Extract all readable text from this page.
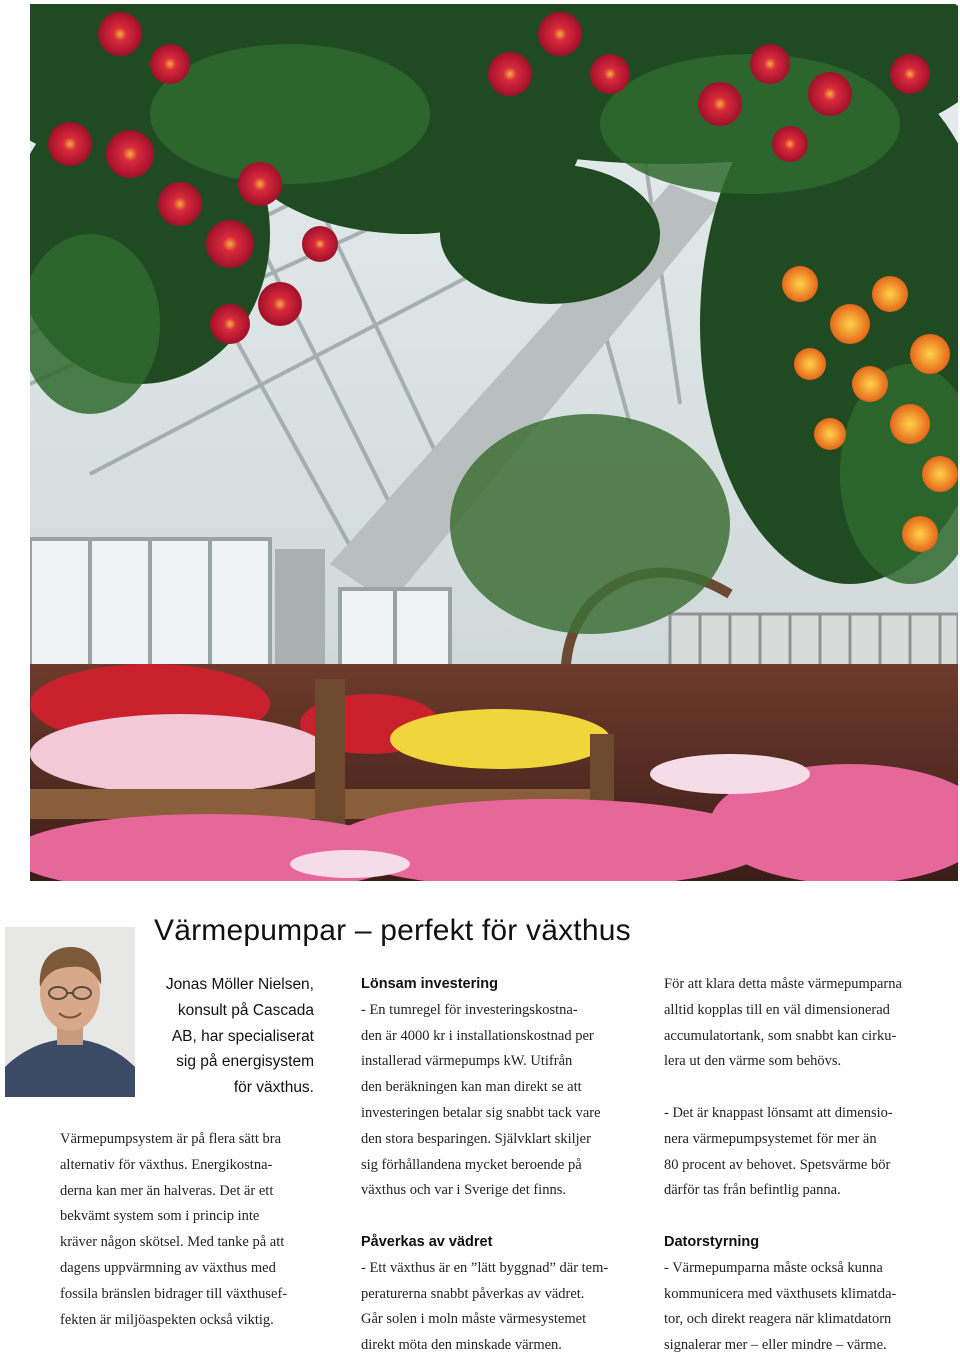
Värmepumpar – perfekt för växthus
Jonas Möller Nielsen,
konsult på Cascada
AB, har specialiserat
sig på energisystem
för växthus.
Värmepumpsystem är på flera sätt bra
alternativ för växthus. Energikostna-
derna kan mer än halveras. Det är ett
bekvämt system som i princip inte
kräver någon skötsel. Med tanke på att
dagens uppvärmning av växthus med
fossila bränslen bidrager till växthusef-
fekten är miljöaspekten också viktig.

Lönsam investering

- En tumregel för investeringskostna-
den är 4000 kr i installationskostnad per
installerad värmepumps kW. Utifrån
den beräkningen kan man direkt se att
investeringen betalar sig snabbt tack vare
den stora besparingen. Självklart skiljer
sig förhållandena mycket beroende på
växthus och var i Sverige det finns.

Påverkas av vädret

- Ett växthus är en ”lätt byggnad” där tem-
peraturerna snabbt påverkas av vädret.
Går solen i moln måste värmesystemet
direkt möta den minskade värmen.
För att klara detta måste värmepumparna
alltid kopplas till en väl dimensionerad
accumulatortank, som snabbt kan cirku-
lera ut den värme som behövs.
- Det är knappast lönsamt att dimensio-
nera värmepumpsystemet för mer än
80 procent av behovet. Spetsvärme bör
därför tas från befintlig panna.

Datorstyrning

- Värmepumparna måste också kunna
kommunicera med växthusets klimatda-
tor, och direkt reagera när klimatdatorn
signalerar mer – eller mindre – värme.
